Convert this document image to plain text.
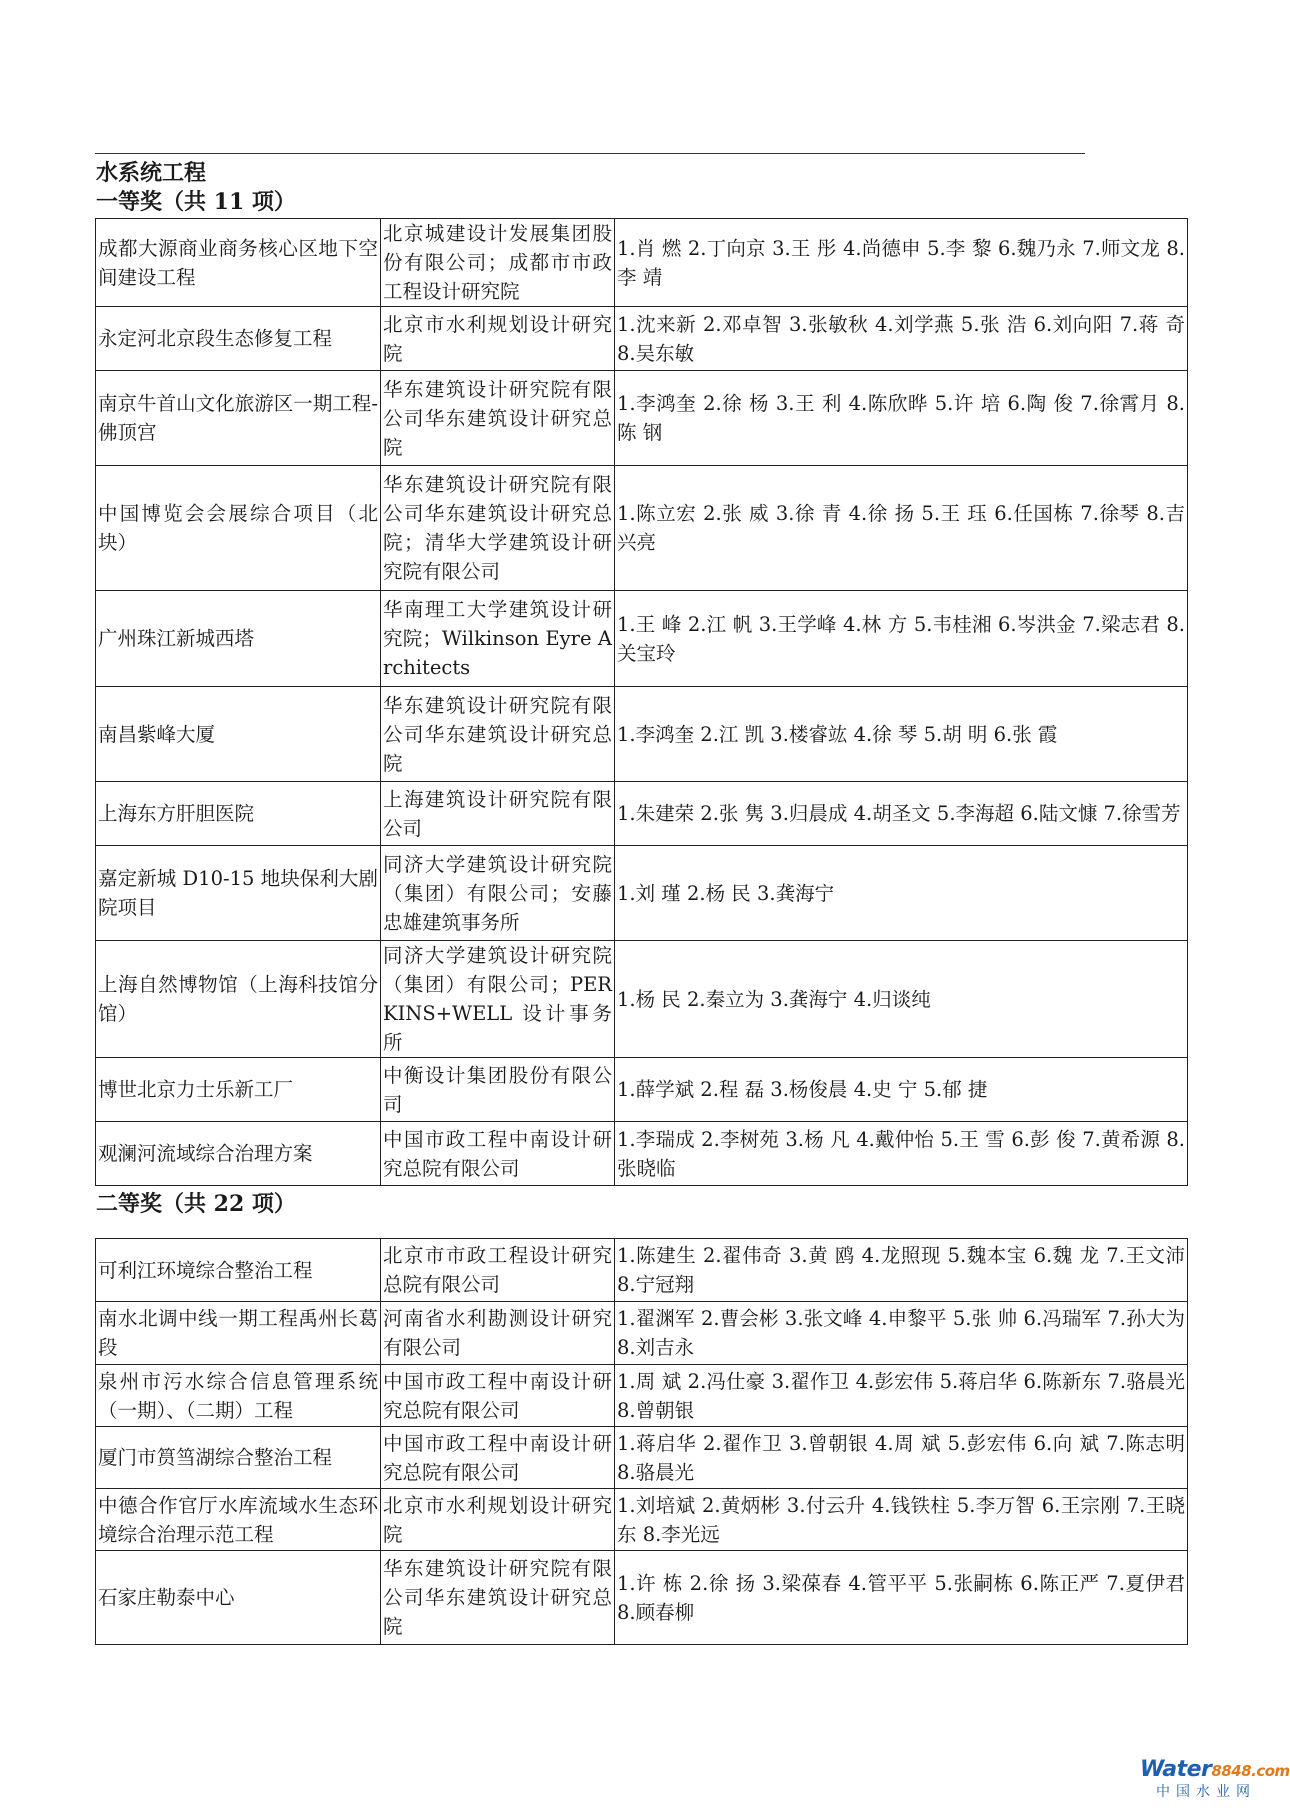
水系统工程
一等奖（共 11 项）
成都大源商业商务核心区地下空间建设工程	北京城建设计发展集团股份有限公司；成都市市政工程设计研究院	1.肖 燃 2.丁向京 3.王 彤 4.尚德申 5.李 黎 6.魏乃永 7.师文龙 8.李 靖
永定河北京段生态修复工程	北京市水利规划设计研究院	1.沈来新 2.邓卓智 3.张敏秋 4.刘学燕 5.张 浩 6.刘向阳 7.蒋 奇 8.吴东敏
南京牛首山文化旅游区一期工程-佛顶宫	华东建筑设计研究院有限公司华东建筑设计研究总院	1.李鸿奎 2.徐 杨 3.王 利 4.陈欣晔 5.许 培 6.陶 俊 7.徐霄月 8.陈 钢
中国博览会会展综合项目（北块）	华东建筑设计研究院有限公司华东建筑设计研究总院；清华大学建筑设计研究院有限公司	1.陈立宏 2.张 威 3.徐 青 4.徐 扬 5.王 珏 6.任国栋 7.徐琴 8.吉兴亮
广州珠江新城西塔	华南理工大学建筑设计研究院；Wilkinson Eyre Architects	1.王 峰 2.江 帆 3.王学峰 4.林 方 5.韦桂湘 6.岑洪金 7.梁志君 8.关宝玲
南昌紫峰大厦	华东建筑设计研究院有限公司华东建筑设计研究总院	1.李鸿奎 2.江 凯 3.楼睿竑 4.徐 琴 5.胡 明 6.张 霞
上海东方肝胆医院	上海建筑设计研究院有限公司	1.朱建荣 2.张 隽 3.归晨成 4.胡圣文 5.李海超 6.陆文慷 7.徐雪芳
嘉定新城 D10-15 地块保利大剧院项目	同济大学建筑设计研究院（集团）有限公司；安藤忠雄建筑事务所	1.刘 瑾 2.杨 民 3.龚海宁
上海自然博物馆（上海科技馆分馆）	同济大学建筑设计研究院（集团）有限公司；PERKINS+WELL 设计事务所	1.杨 民 2.秦立为 3.龚海宁 4.归谈纯
博世北京力士乐新工厂	中衡设计集团股份有限公司	1.薛学斌 2.程 磊 3.杨俊晨 4.史 宁 5.郁 捷
观澜河流域综合治理方案	中国市政工程中南设计研究总院有限公司	1.李瑞成 2.李树苑 3.杨 凡 4.戴仲怡 5.王 雪 6.彭 俊 7.黄希源 8.张晓临
二等奖（共 22 项）
可利江环境综合整治工程	北京市市政工程设计研究总院有限公司	1.陈建生 2.翟伟奇 3.黄 鸥 4.龙照现 5.魏本宝 6.魏 龙 7.王文沛 8.宁冠翔
南水北调中线一期工程禹州长葛段	河南省水利勘测设计研究有限公司	1.翟渊军 2.曹会彬 3.张文峰 4.申黎平 5.张 帅 6.冯瑞军 7.孙大为 8.刘吉永
泉州市污水综合信息管理系统（一期）、（二期）工程	中国市政工程中南设计研究总院有限公司	1.周 斌 2.冯仕豪 3.翟作卫 4.彭宏伟 5.蒋启华 6.陈新东 7.骆晨光 8.曾朝银
厦门市筼筜湖综合整治工程	中国市政工程中南设计研究总院有限公司	1.蒋启华 2.翟作卫 3.曾朝银 4.周 斌 5.彭宏伟 6.向 斌 7.陈志明 8.骆晨光
中德合作官厅水库流域水生态环境综合治理示范工程	北京市水利规划设计研究院	1.刘培斌 2.黄炳彬 3.付云升 4.钱铁柱 5.李万智 6.王宗刚 7.王晓东 8.李光远
石家庄勒泰中心	华东建筑设计研究院有限公司华东建筑设计研究总院	1.许 栋 2.徐 扬 3.梁葆春 4.管平平 5.张嗣栋 6.陈正严 7.夏伊君 8.顾春柳
Water8848.com
中国水业网
